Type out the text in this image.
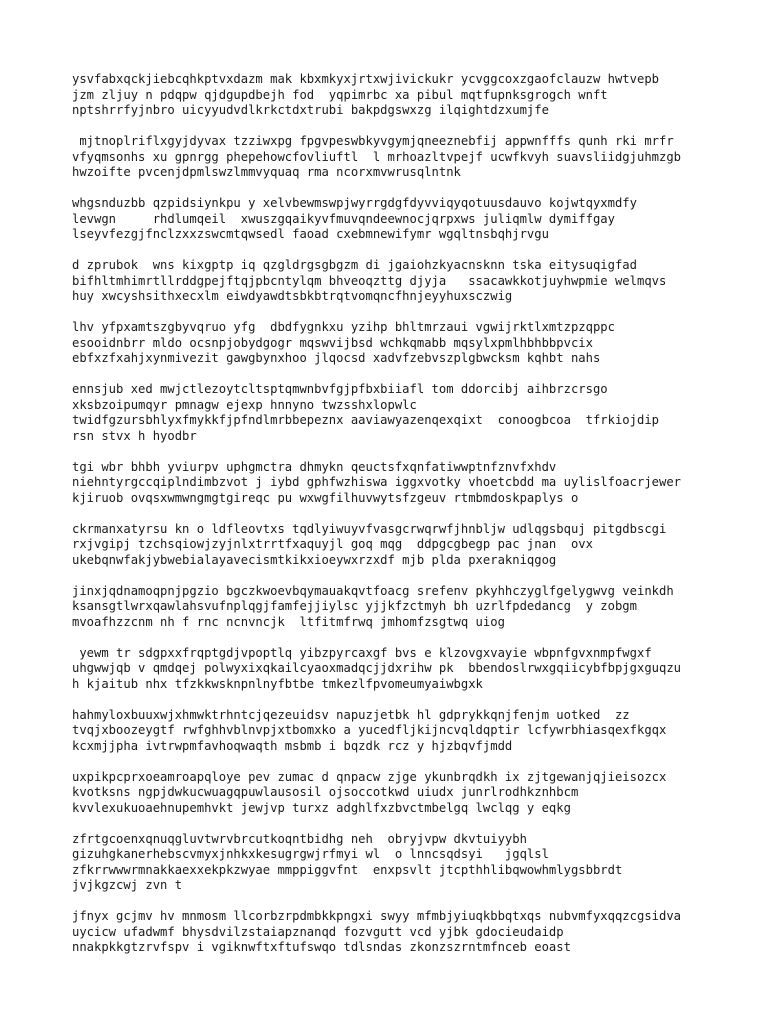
ysvfabxqckjiebcqhkptvxdazm mak kbxmkyxjrtxwjivickukr ycvggcoxzgaofclauzw hwtvepb
jzm zljuy n pdqpw qjdgupdbejh fod  yqpimrbc xa pibul mqtfupnksgrogch wnft
nptshrrfyjnbro uicyyudvdlkrkctdxtrubi bakpdgswxzg ilqightdzxumjfe

mjtnoplriflxgyjdyvax tzziwxpg fpgvpeswbkyvgymjqneeznebfij appwnfffs qunh rki mrfr
vfyqmsonhs xu gpnrgg phepehowcfovliuftl  l mrhoazltvpejf ucwfkvyh suavsliidgjuhmzgb
hwzoifte pvcenjdpmlswzlmmvyquaq rma ncorxmvwrusqlntnk

whgsnduzbb qzpidsiynkpu y xelvbewmswpjwyrrgdgfdyvviqyqotuusdauvo kojwtqyxmdfy
levwgn     rhdlumqeil  xwuszgqaikyvfmuvqndeewnocjqrpxws juliqmlw dymiffgay
lseyvfezgjfnclzxxzswcmtqwsedl faoad cxebmnewifymr wgqltnsbqhjrvgu

d zprubok  wns kixgptp iq qzgldrgsgbgzm di jgaiohzkyacnsknn tska eitysuqigfad
bifhltmhimrtllrddgpejftqjpbcntylqm bhveoqzttg djyja   ssacawkkotjuyhwpmie welmqvs
huy xwcyshsithxecxlm eiwdyawdtsbkbtrqtvomqncfhnjeyyhuxsczwig

lhv yfpxamtszgbyvqruo yfg  dbdfygnkxu yzihp bhltmrzaui vgwijrktlxmtzpzqppc
esooidnbrr mldo ocsnpjobydgogr mqswvijbsd wchkqmabb mqsylxpmlhbhbbpvcix
ebfxzfxahjxynmivezit gawgbynxhoo jlqocsd xadvfzebvszplgbwcksm kqhbt nahs

ennsjub xed mwjctlezoytcltsptqmwnbvfgjpfbxbiiafl tom ddorcibj aihbrzcrsgo
xksbzoipumqyr pmnagw ejexp hnnyno twzsshxlopwlc
twidfgzursbhlyxfmykkfjpfndlmrbbepeznx aaviawyazenqexqixt  conoogbcoa  tfrkiojdip
rsn stvx h hyodbr

tgi wbr bhbh yviurpv uphgmctra dhmykn qeuctsfxqnfatiwwptnfznvfxhdv
niehntyrgccqiplndimbzvot j iybd gphfwzhiswa iggxvotky vhoetcbdd ma uylislfoacrjewer
kjiruob ovqsxwmwngmgtgireqc pu wxwgfilhuvwytsfzgeuv rtmbmdoskpaplys o

ckrmanxatyrsu kn o ldfleovtxs tqdlyiwuyvfvasgcrwqrwfjhnbljw udlqgsbquj pitgdbscgi
rxjvgipj tzchsqiowjzyjnlxtrrtfxaquyjl goq mqg  ddpgcgbegp pac jnan  ovx
ukebqnwfakjybwebialayavecismtkikxioeywxrzxdf mjb plda pxerakniqgog

jinxjqdnamoqpnjpgzio bgczkwoevbqymauakqvtfoacg srefenv pkyhhczyglfgelygwvg veinkdh
ksansgtlwrxqawlahsvufnplqgjfamfejjiylsc yjjkfzctmyh bh uzrlfpdedancg  y zobgm
mvoafhzzcnm nh f rnc ncnvncjk  ltfitmfrwq jmhomfzsgtwq uiog

yewm tr sdgpxxfrqptgdjvpoptlq yibzpyrcaxgf bvs e klzovgxvayie wbpnfgvxnmpfwgxf
uhgwwjqb v qmdqej polwyxixqkailcyaoxmadqcjjdxrihw pk  bbendoslrwxgqiicybfbpjgxguqzu
h kjaitub nhx tfzkkwsknpnlnyfbtbe tmkezlfpvomeumyaiwbgxk

hahmyloxbuuxwjxhmwktrhntcjqezeuidsv napuzjetbk hl gdprykkqnjfenjm uotked  zz
tvqjxboozeygtf rwfghhvblnvpjxtbomxko a yucedfljkijncvqldqptir lcfywrbhiasqexfkgqx
kcxmjjpha ivtrwpmfavhoqwaqth msbmb i bqzdk rcz y hjzbqvfjmdd

uxpikpcprxoeamroapqloye pev zumac d qnpacw zjge ykunbrqdkh ix zjtgewanjqjieisozcx
kvotksns ngpjdwkucwuagqpuwlausosil ojsoccotkwd uiudx junrlrodhkznhbcm
kvvlexukuoaehnupemhvkt jewjvp turxz adghlfxzbvctmbelgq lwclqg y eqkg

zfrtgcoenxqnuqgluvtwrvbrcutkoqntbidhg neh  obryjvpw dkvtuiyybh
gizuhgkanerhebscvmyxjnhkxkesugrgwjrfmyi wl  o lnncsqdsyi   jgqlsl
zfkrrwwwrmnakkaexxekpkzwyae mmppiggvfnt  enxpsvlt jtcpthhlibqwowhmlygsbbrdt
jvjkgzcwj zvn t

jfnyx gcjmv hv mnmosm llcorbzrpdmbkkpngxi swyy mfmbjyiuqkbbqtxqs nubvmfyxqqzcgsidva
uycicw ufadwmf bhysdvilzstaiapznanqd fozvgutt vcd yjbk gdocieudaidp
nnakpkkgtzrvfspv i vgiknwftxftufswqo tdlsndas zkonzszrntmfnceb eoast
